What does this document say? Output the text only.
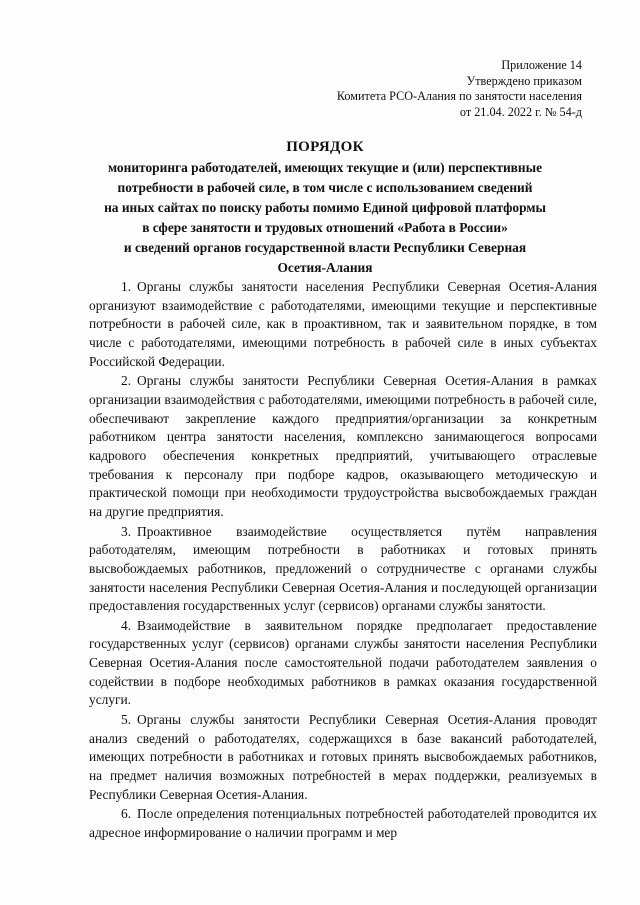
Приложение 14
Утверждено приказом
Комитета РСО-Алания по занятости населения
от 21.04. 2022 г. № 54-д
ПОРЯДОК
мониторинга работодателей, имеющих текущие и (или) перспективные
потребности в рабочей силе, в том числе с использованием сведений
на иных сайтах по поиску работы помимо Единой цифровой платформы
в сфере занятости и трудовых отношений «Работа в России»
и сведений органов государственной власти Республики Северная
Осетия-Алания

1. Органы службы занятости населения Республики Северная Осетия-Алания организуют взаимодействие с работодателями, имеющими текущие и перспективные потребности в рабочей силе, как в проактивном, так и заявительном порядке, в том числе с работодателями, имеющими потребность в рабочей силе в иных субъектах Российской Федерации.

2. Органы службы занятости Республики Северная Осетия-Алания в рамках организации взаимодействия с работодателями, имеющими потребность в рабочей силе, обеспечивают закрепление каждого предприятия/организации за конкретным работником центра занятости населения, комплексно занимающегося вопросами кадрового обеспечения конкретных предприятий, учитывающего отраслевые требования к персоналу при подборе кадров, оказывающего методическую и практической помощи при необходимости трудоустройства высвобождаемых граждан на другие предприятия.

3. Проактивное взаимодействие осуществляется путём направления работодателям, имеющим потребности в работниках и готовых принять высвобождаемых работников, предложений о сотрудничестве с органами службы занятости населения Республики Северная Осетия-Алания и последующей организации предоставления государственных услуг (сервисов) органами службы занятости.

4. Взаимодействие в заявительном порядке предполагает предоставление государственных услуг (сервисов) органами службы занятости населения Республики Северная Осетия-Алания после самостоятельной подачи работодателем заявления о содействии в подборе необходимых работников в рамках оказания государственной услуги.

5. Органы службы занятости Республики Северная Осетия-Алания проводят анализ сведений о работодателях, содержащихся в базе вакансий работодателей, имеющих потребности в работниках и готовых принять высвобождаемых работников, на предмет наличия возможных потребностей в мерах поддержки, реализуемых в Республики Северная Осетия-Алания.

6. После определения потенциальных потребностей работодателей проводится их адресное информирование о наличии программ и мер
